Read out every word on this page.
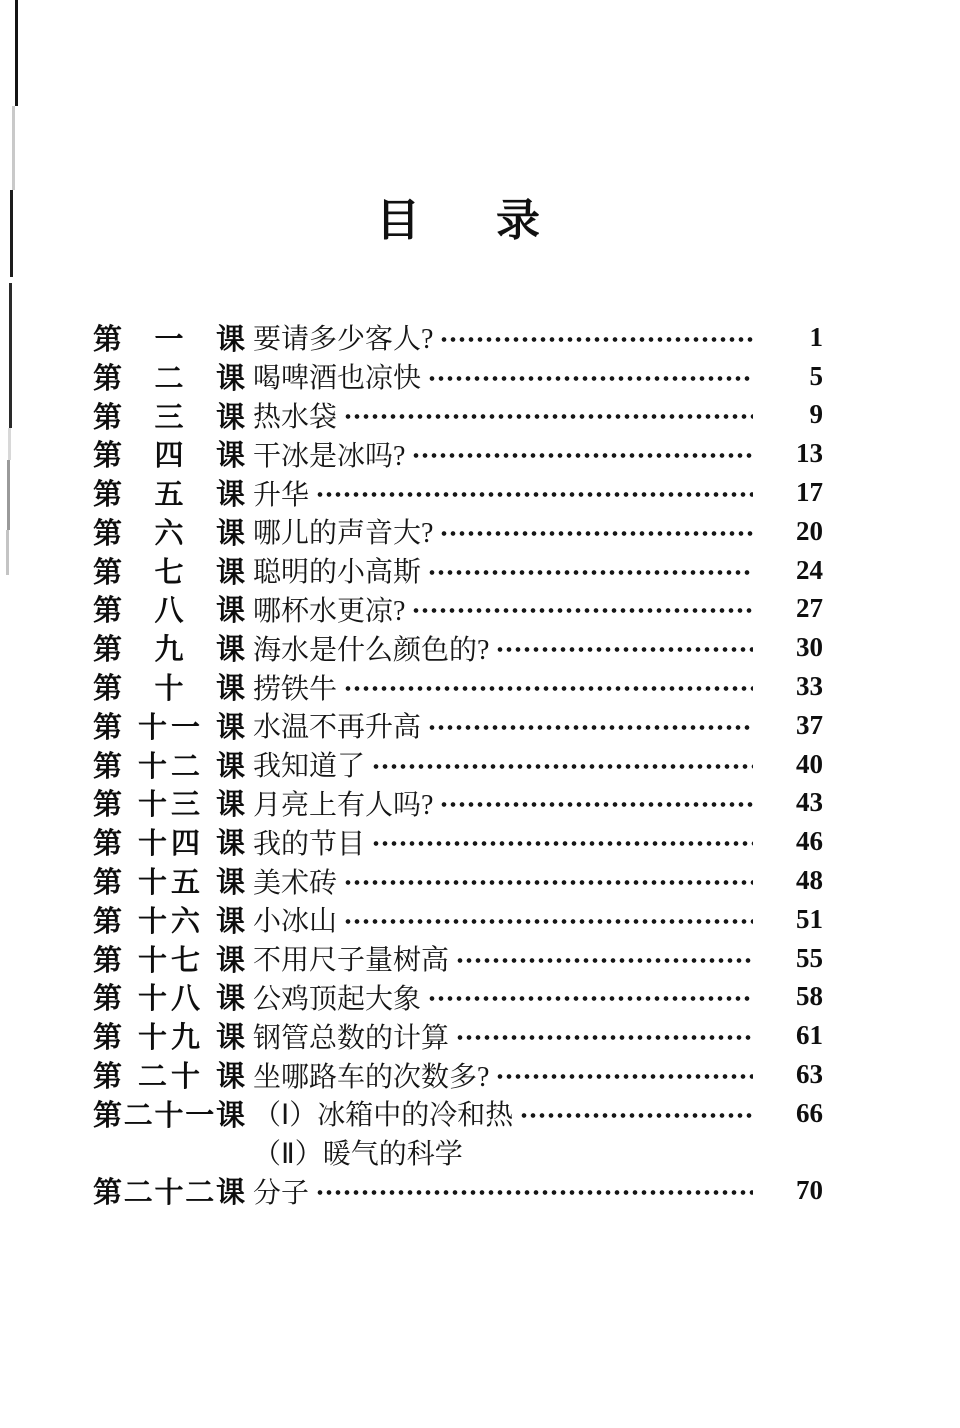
目录
第 一 课 要请多少客人?	1
第 二 课 喝啤酒也凉快	5
第 三 课 热水袋	9
第 四 课 干冰是冰吗?	13
第 五 课 升华	17
第 六 课 哪儿的声音大?	20
第 七 课 聪明的小高斯	24
第 八 课 哪杯水更凉?	27
第 九 课 海水是什么颜色的?	30
第 十 课 捞铁牛	33
第 十一 课 水温不再升高	37
第 十二 课 我知道了	40
第 十三 课 月亮上有人吗?	43
第 十四 课 我的节目	46
第 十五 课 美术砖	48
第 十六 课 小冰山	51
第 十七 课 不用尺子量树高	55
第 十八 课 公鸡顶起大象	58
第 十九 课 钢管总数的计算	61
第 二十 课 坐哪路车的次数多?	63
第二十一课 （Ⅰ）冰箱中的冷和热	66
（Ⅱ）暖气的科学
第二十二课 分子	70
